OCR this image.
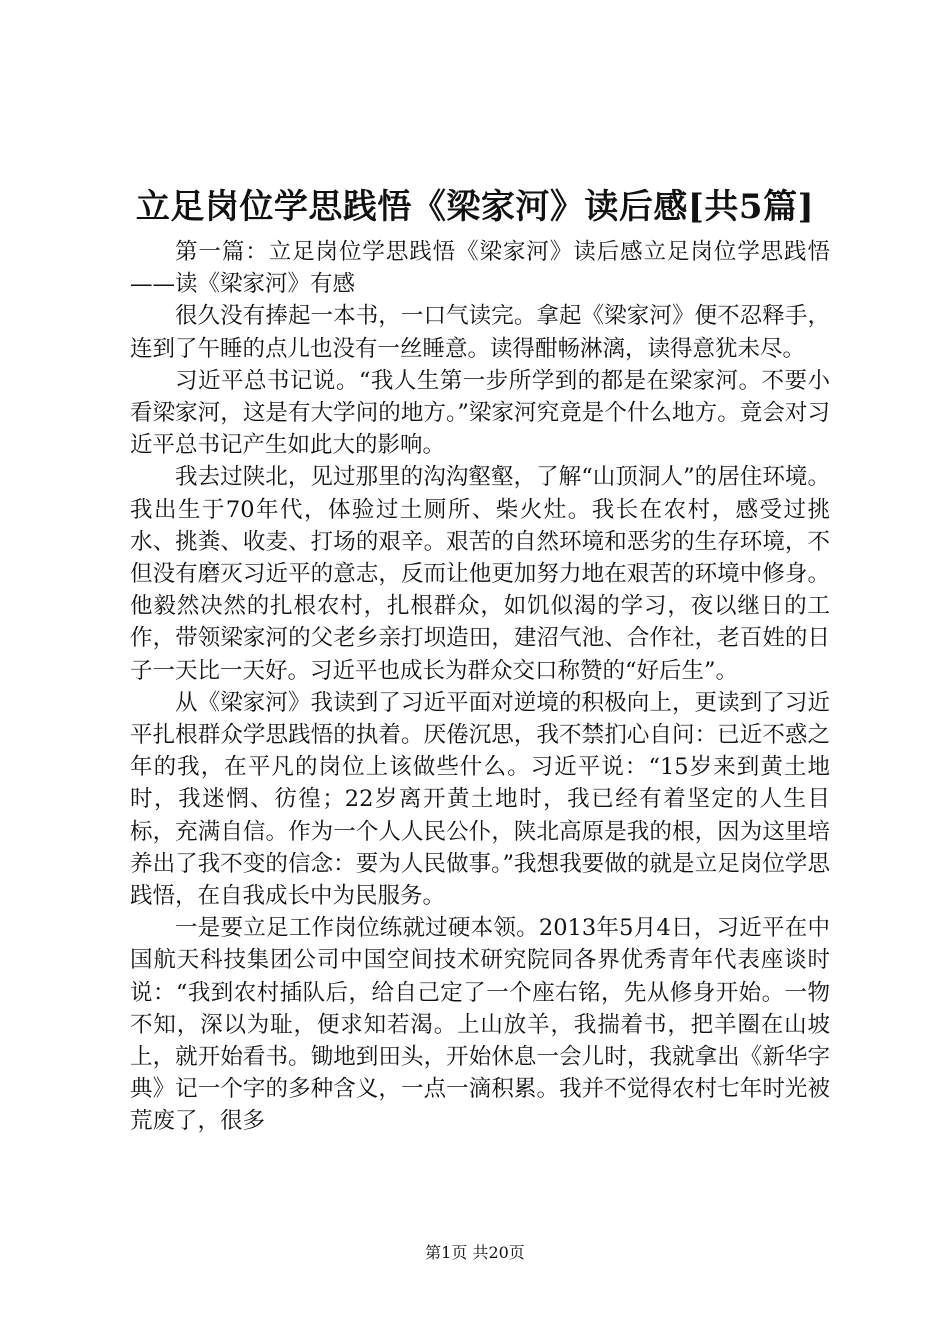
立足岗位学思践悟《梁家河》读后感[共5篇]

第一篇：立足岗位学思践悟《梁家河》读后感立足岗位学思践悟——读《梁家河》有感

很久没有捧起一本书，一口气读完。拿起《梁家河》便不忍释手，连到了午睡的点儿也没有一丝睡意。读得酣畅淋漓，读得意犹未尽。

习近平总书记说。“我人生第一步所学到的都是在梁家河。不要小看梁家河，这是有大学问的地方。”梁家河究竟是个什么地方。竟会对习近平总书记产生如此大的影响。

我去过陕北，见过那里的沟沟壑壑，了解“山顶洞人”的居住环境。我出生于70年代，体验过土厕所、柴火灶。我长在农村，感受过挑水、挑粪、收麦、打场的艰辛。艰苦的自然环境和恶劣的生存环境，不但没有磨灭习近平的意志，反而让他更加努力地在艰苦的环境中修身。他毅然决然的扎根农村，扎根群众，如饥似渴的学习，夜以继日的工作，带领梁家河的父老乡亲打坝造田，建沼气池、合作社，老百姓的日子一天比一天好。习近平也成长为群众交口称赞的“好后生”。

从《梁家河》我读到了习近平面对逆境的积极向上，更读到了习近平扎根群众学思践悟的执着。厌倦沉思，我不禁扪心自问：已近不惑之年的我，在平凡的岗位上该做些什么。习近平说：“15岁来到黄土地时，我迷惘、彷徨；22岁离开黄土地时，我已经有着坚定的人生目标，充满自信。作为一个人人民公仆，陕北高原是我的根，因为这里培养出了我不变的信念：要为人民做事。”我想我要做的就是立足岗位学思践悟，在自我成长中为民服务。

一是要立足工作岗位练就过硬本领。2013年5月4日，习近平在中国航天科技集团公司中国空间技术研究院同各界优秀青年代表座谈时说：“我到农村插队后，给自己定了一个座右铭，先从修身开始。一物不知，深以为耻，便求知若渴。上山放羊，我揣着书，把羊圈在山坡上，就开始看书。锄地到田头，开始休息一会儿时，我就拿出《新华字典》记一个字的多种含义，一点一滴积累。我并不觉得农村七年时光被荒废了，很多

第1页 共20页
